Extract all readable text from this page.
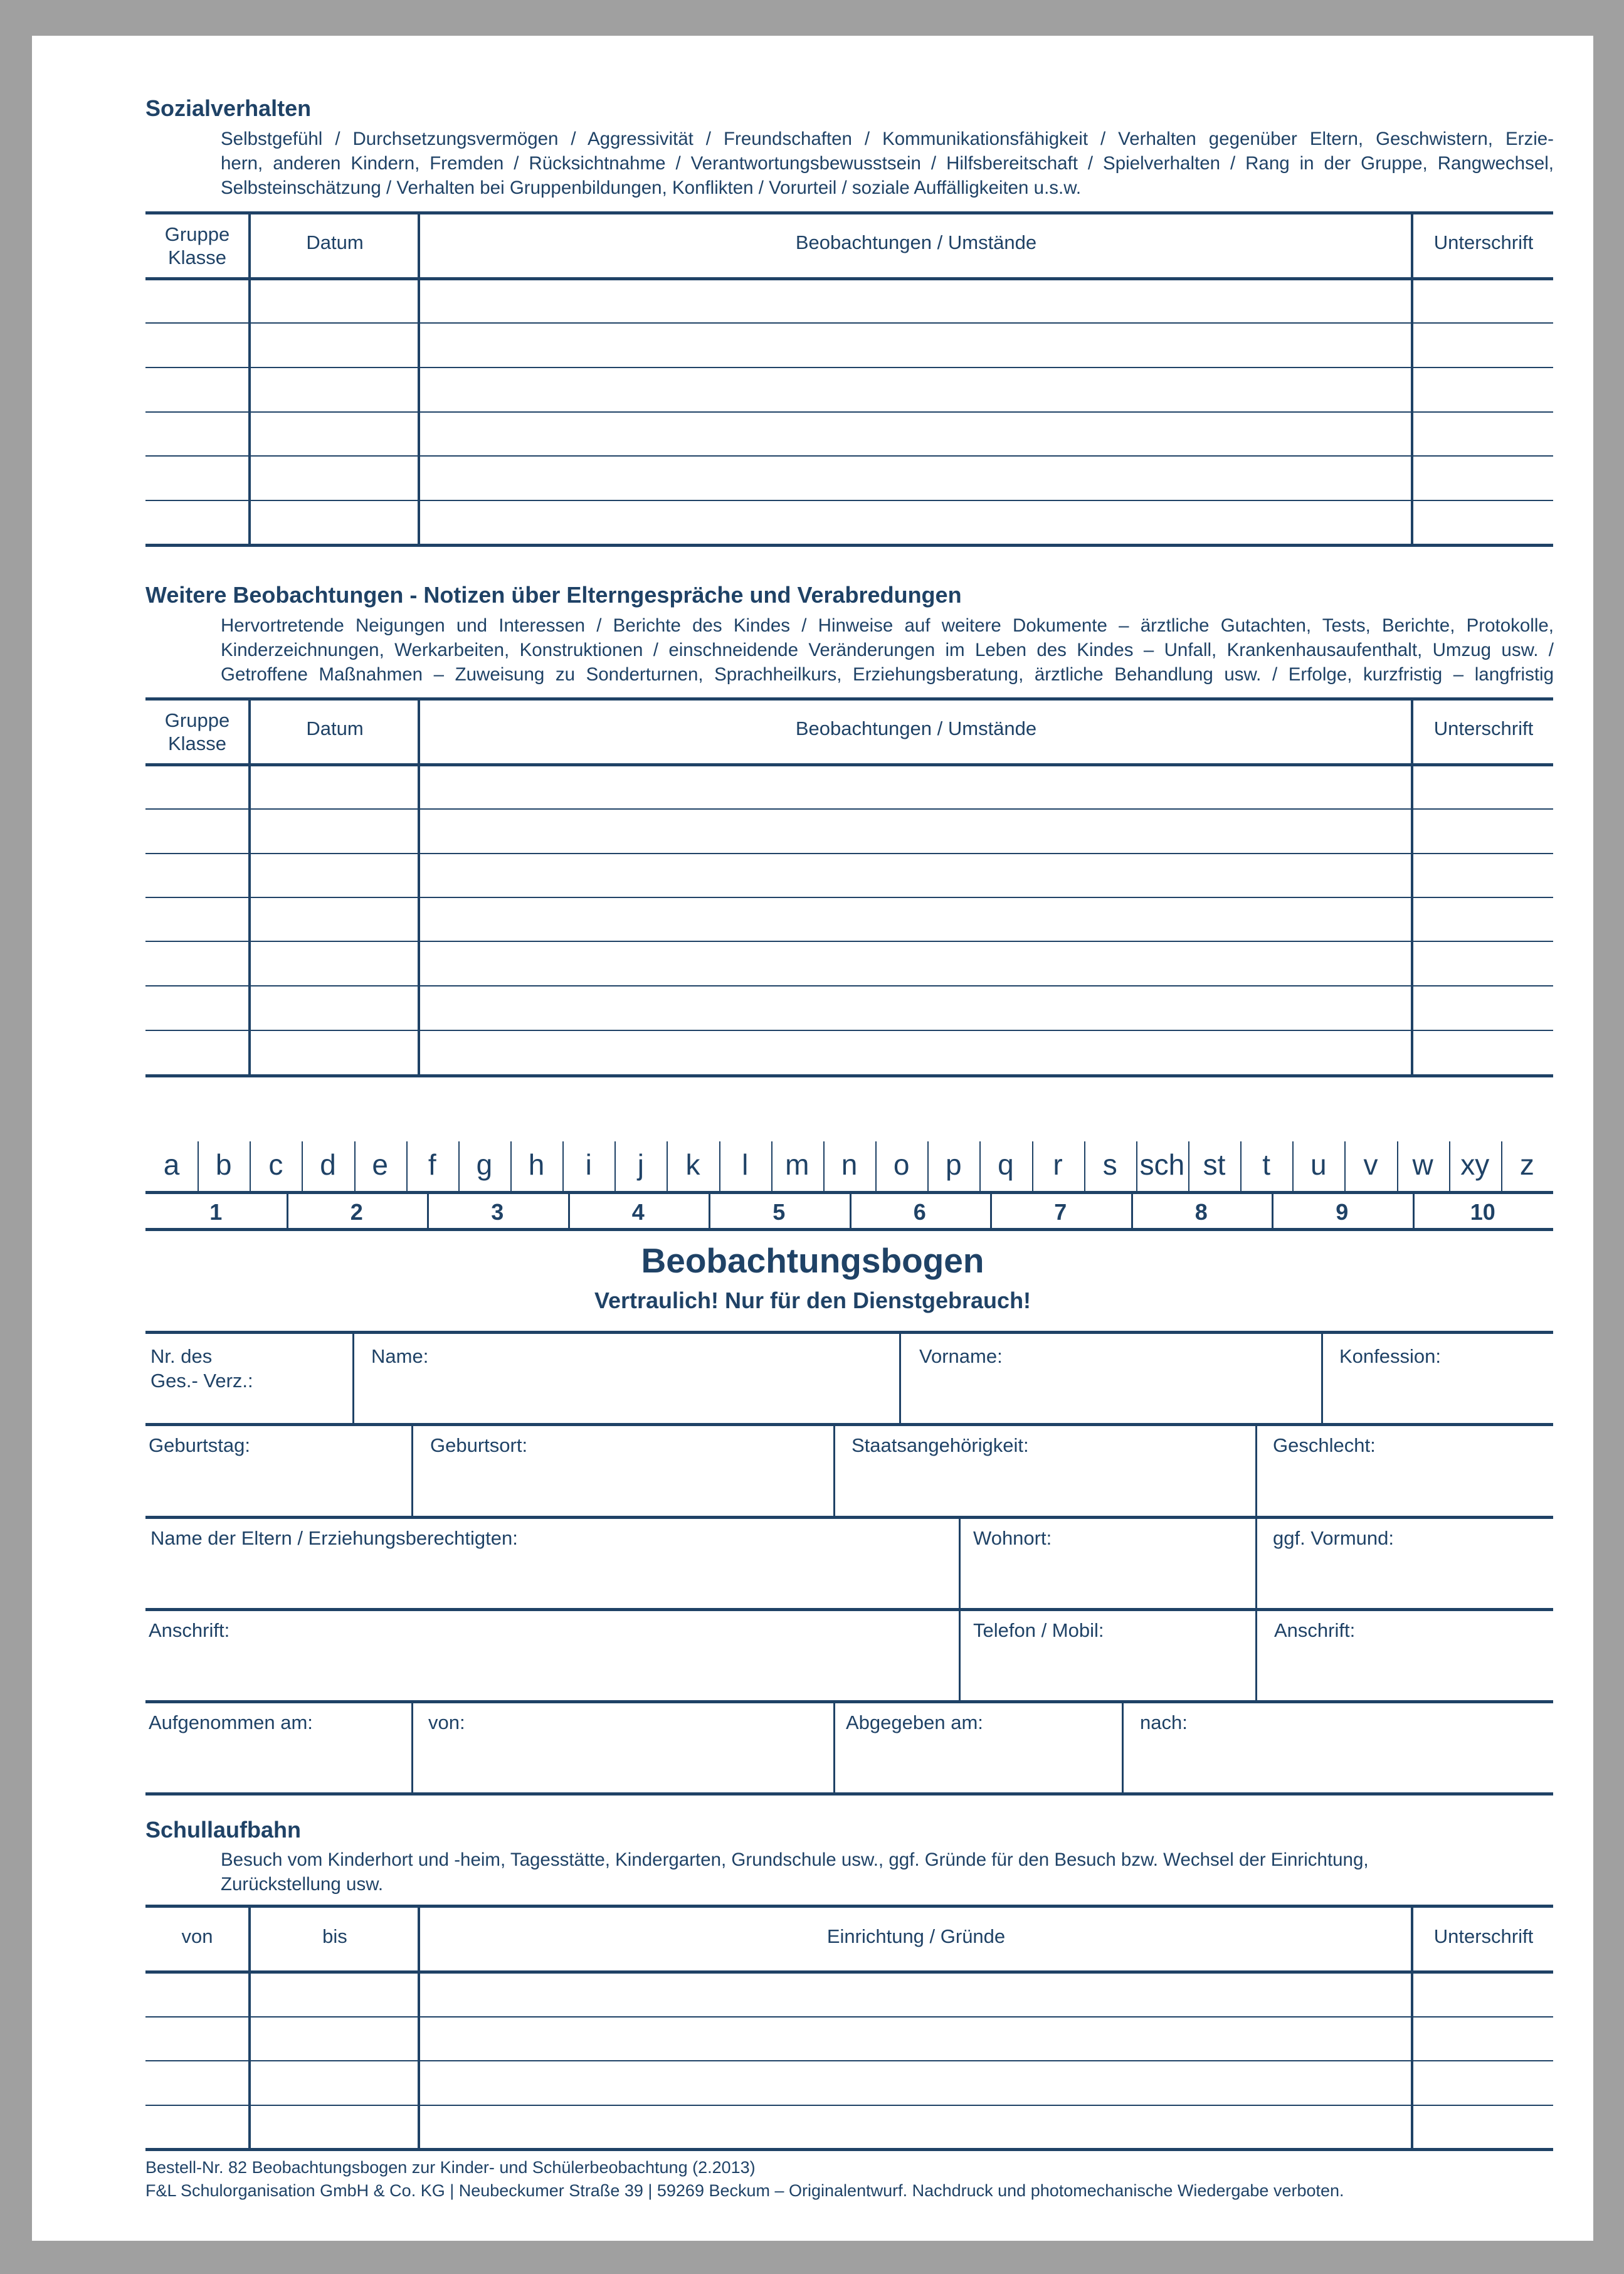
Sozialverhalten
Selbstgefühl / Durchsetzungsvermögen / Aggressivität / Freundschaften / Kommunikationsfähigkeit / Verhalten gegenüber Eltern, Geschwistern, Erzie-
hern, anderen Kindern, Fremden / Rücksichtnahme / Verantwortungsbewusstsein / Hilfsbereitschaft / Spielverhalten / Rang in der Gruppe, Rangwechsel,
Selbsteinschätzung / Verhalten bei Gruppenbildungen, Konflikten / Vorurteil / soziale Auffälligkeiten u.s.w.
Gruppe
Klasse
Datum	Beobachtungen / Umstände	Unterschrift
Weitere Beobachtungen - Notizen über Elterngespräche und Verabredungen
Hervortretende Neigungen und Interessen / Berichte des Kindes / Hinweise auf weitere Dokumente – ärztliche Gutachten, Tests, Berichte, Protokolle,
Kinderzeichnungen, Werkarbeiten, Konstruktionen / einschneidende Veränderungen im Leben des Kindes – Unfall, Krankenhausaufenthalt, Umzug usw. /
Getroffene Maßnahmen – Zuweisung zu Sonderturnen, Sprachheilkurs, Erziehungsberatung, ärztliche Behandlung usw. / Erfolge, kurzfristig – langfristig
Gruppe
Klasse
Datum	Beobachtungen / Umstände	Unterschrift
a	b	c	d	e	f	g	h	i	j	k	l	m	n	o	p	q	r	s sch st	t	u	v	w xy	z
1	2	3	4	5	6	7	8	9	10
Beobachtungsbogen
Vertraulich! Nur für den Dienstgebrauch!
Nr. des
Ges.- Verz.:
Name:	Vorname:	Konfession:
Geburtstag:	Geburtsort:	Staatsangehörigkeit:	Geschlecht:
Name der Eltern / Erziehungsberechtigten:	Wohnort:	ggf. Vormund:
Anschrift:	Telefon / Mobil:	Anschrift:
Aufgenommen am:	von:	Abgegeben am:	nach:
Schullaufbahn
Besuch vom Kinderhort und -heim, Tagesstätte, Kindergarten, Grundschule usw., ggf. Gründe für den Besuch bzw. Wechsel der Einrichtung,
Zurückstellung usw.
von	bis	Einrichtung / Gründe	Unterschrift
Bestell-Nr. 82 Beobachtungsbogen zur Kinder- und Schülerbeobachtung (2.2013)
F&L Schulorganisation GmbH & Co. KG | Neubeckumer Straße 39 | 59269 Beckum – Originalentwurf. Nachdruck und photomechanische Wiedergabe verboten.
